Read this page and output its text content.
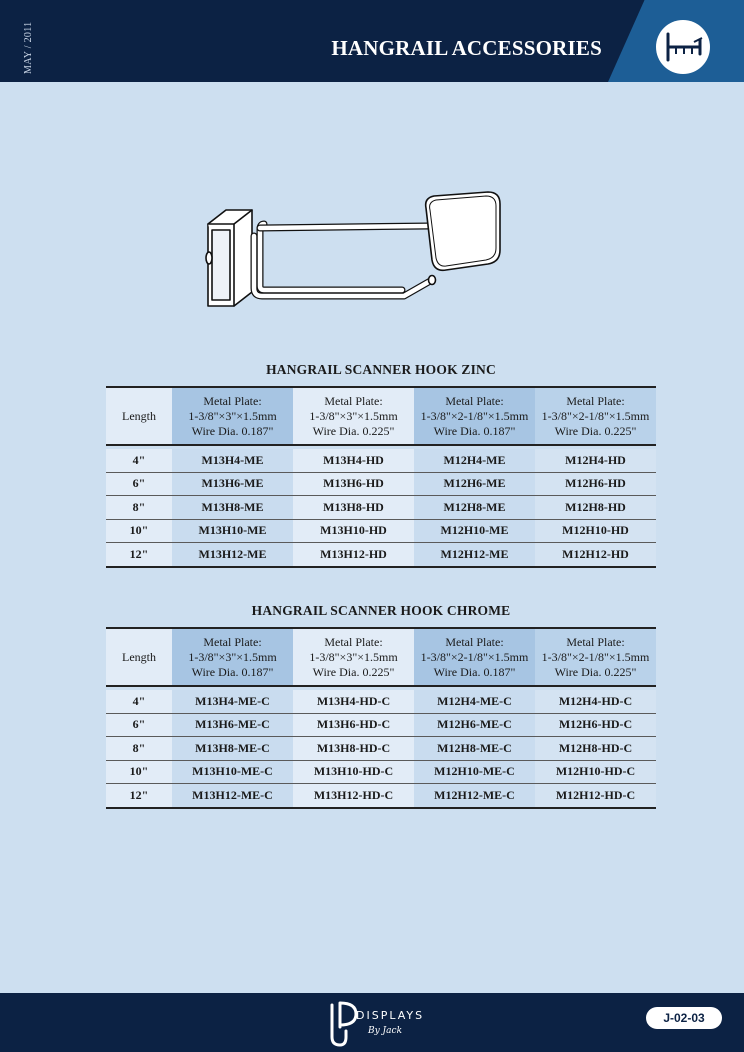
MAY / 2011	HANGRAIL ACCESSORIES
HANGRAIL SCANNER HOOK ZINC
Length	Metal Plate:
1-3/8"×3"×1.5mm
Wire Dia. 0.187"	Metal Plate:
1-3/8"×3"×1.5mm
Wire Dia. 0.225"	Metal Plate:
1-3/8"×2-1/8"×1.5mm
Wire Dia. 0.187"	Metal Plate:
1-3/8"×2-1/8"×1.5mm
Wire Dia. 0.225"

4"	M13H4-ME	M13H4-HD	M12H4-ME	M12H4-HD
6"	M13H6-ME	M13H6-HD	M12H6-ME	M12H6-HD
8"	M13H8-ME	M13H8-HD	M12H8-ME	M12H8-HD
10"	M13H10-ME	M13H10-HD	M12H10-ME	M12H10-HD
12"	M13H12-ME	M13H12-HD	M12H12-ME	M12H12-HD
HANGRAIL SCANNER HOOK CHROME
Length	Metal Plate:
1-3/8"×3"×1.5mm
Wire Dia. 0.187"	Metal Plate:
1-3/8"×3"×1.5mm
Wire Dia. 0.225"	Metal Plate:
1-3/8"×2-1/8"×1.5mm
Wire Dia. 0.187"	Metal Plate:
1-3/8"×2-1/8"×1.5mm
Wire Dia. 0.225"

4"	M13H4-ME-C	M13H4-HD-C	M12H4-ME-C	M12H4-HD-C
6"	M13H6-ME-C	M13H6-HD-C	M12H6-ME-C	M12H6-HD-C
8"	M13H8-ME-C	M13H8-HD-C	M12H8-ME-C	M12H8-HD-C
10"	M13H10-ME-C	M13H10-HD-C	M12H10-ME-C	M12H10-HD-C
12"	M13H12-ME-C	M13H12-HD-C	M12H12-ME-C	M12H12-HD-C
DISPLAYS
By Jack
J-02-03
